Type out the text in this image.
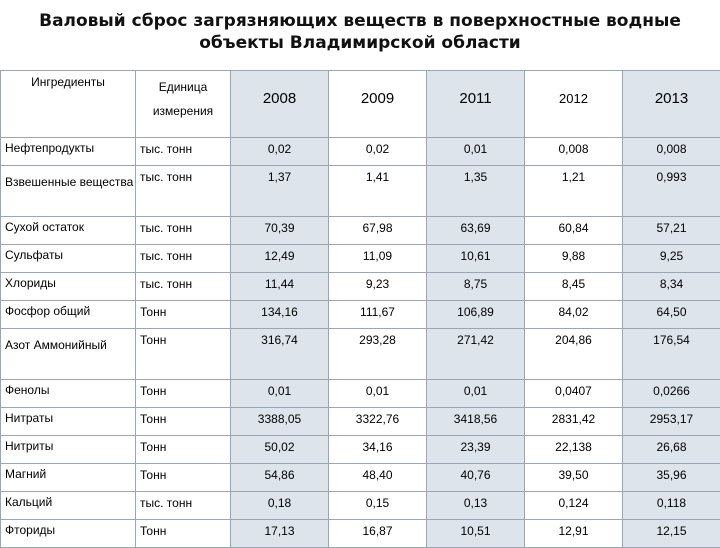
Валовый сброс загрязняющих веществ в поверхностные водные объекты Владимирской области
Ингредиенты	Единица измерения	2008	2009	2011	2012	2013
Нефтепродукты	тыс. тонн	0,02	0,02	0,01	0,008	0,008
Взвешенные вещества	тыс. тонн	1,37	1,41	1,35	1,21	0,993
Сухой остаток	тыс. тонн	70,39	67,98	63,69	60,84	57,21
Сульфаты	тыс. тонн	12,49	11,09	10,61	9,88	9,25
Хлориды	тыс. тонн	11,44	9,23	8,75	8,45	8,34
Фосфор общий	Тонн	134,16	111,67	106,89	84,02	64,50
Азот Аммонийный	Тонн	316,74	293,28	271,42	204,86	176,54
Фенолы	Тонн	0,01	0,01	0,01	0,0407	0,0266
Нитраты	Тонн	3388,05	3322,76	3418,56	2831,42	2953,17
Нитриты	Тонн	50,02	34,16	23,39	22,138	26,68
Магний	Тонн	54,86	48,40	40,76	39,50	35,96
Кальций	тыс. тонн	0,18	0,15	0,13	0,124	0,118
Фториды	Тонн	17,13	16,87	10,51	12,91	12,15
